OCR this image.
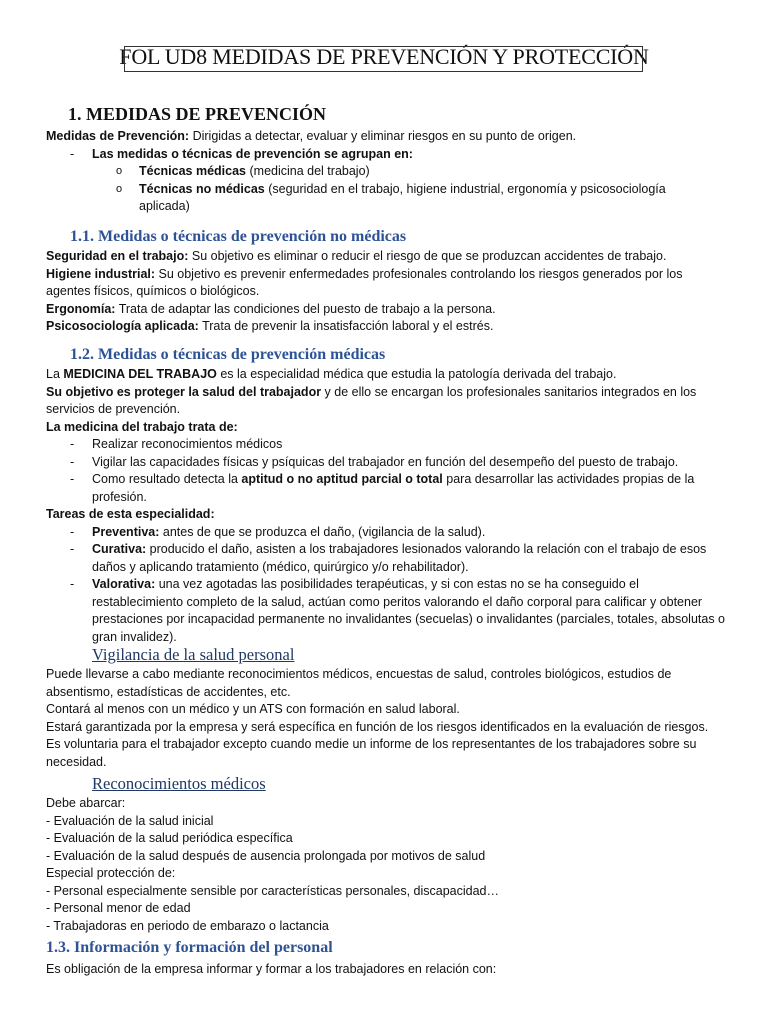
FOL UD8 MEDIDAS DE PREVENCIÓN Y PROTECCIÓN
1. MEDIDAS DE PREVENCIÓN

Medidas de Prevención: Dirigidas a detectar, evaluar y eliminar riesgos en su punto de origen.

- Las medidas o técnicas de prevención se agrupan en:

o Técnicas médicas (medicina del trabajo)

o Técnicas no médicas (seguridad en el trabajo, higiene industrial, ergonomía y psicosociología aplicada)

1.1. Medidas o técnicas de prevención no médicas

Seguridad en el trabajo: Su objetivo es eliminar o reducir el riesgo de que se produzcan accidentes de trabajo.

Higiene industrial: Su objetivo es prevenir enfermedades profesionales controlando los riesgos generados por los agentes físicos, químicos o biológicos.

Ergonomía: Trata de adaptar las condiciones del puesto de trabajo a la persona.

Psicosociología aplicada: Trata de prevenir la insatisfacción laboral y el estrés.

1.2. Medidas o técnicas de prevención médicas

La MEDICINA DEL TRABAJO es la especialidad médica que estudia la patología derivada del trabajo.

Su objetivo es proteger la salud del trabajador y de ello se encargan los profesionales sanitarios integrados en los servicios de prevención.

La medicina del trabajo trata de:

- Realizar reconocimientos médicos

- Vigilar las capacidades físicas y psíquicas del trabajador en función del desempeño del puesto de trabajo.

- Como resultado detecta la aptitud o no aptitud parcial o total para desarrollar las actividades propias de la profesión.

Tareas de esta especialidad:

- Preventiva: antes de que se produzca el daño, (vigilancia de la salud).

- Curativa: producido el daño, asisten a los trabajadores lesionados valorando la relación con el trabajo de esos daños y aplicando tratamiento (médico, quirúrgico y/o rehabilitador).

- Valorativa: una vez agotadas las posibilidades terapéuticas, y si con estas no se ha conseguido el restablecimiento completo de la salud, actúan como peritos valorando el daño corporal para calificar y obtener prestaciones por incapacidad permanente no invalidantes (secuelas) o invalidantes (parciales, totales, absolutas o gran invalidez).

Vigilancia de la salud personal

Puede llevarse a cabo mediante reconocimientos médicos, encuestas de salud, controles biológicos, estudios de absentismo, estadísticas de accidentes, etc.

Contará al menos con un médico y un ATS con formación en salud laboral.

Estará garantizada por la empresa y será específica en función de los riesgos identificados en la evaluación de riesgos.

Es voluntaria para el trabajador excepto cuando medie un informe de los representantes de los trabajadores sobre su necesidad.

Reconocimientos médicos

Debe abarcar:

- Evaluación de la salud inicial

- Evaluación de la salud periódica específica

- Evaluación de la salud después de ausencia prolongada por motivos de salud

Especial protección de:

- Personal especialmente sensible por características personales, discapacidad…

- Personal menor de edad

- Trabajadoras en periodo de embarazo o lactancia

1.3. Información y formación del personal

Es obligación de la empresa informar y formar a los trabajadores en relación con:
